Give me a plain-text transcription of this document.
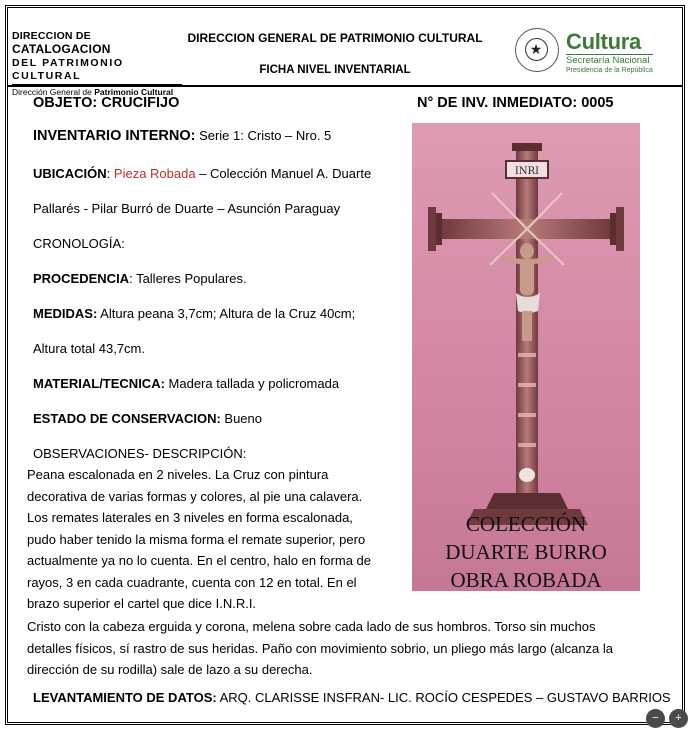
DIRECCION DE CATALOGACION
DEL PATRIMONIO CULTURAL
Dirección General de Patrimonio Cultural
DIRECCION GENERAL DE PATRIMONIO CULTURAL
FICHA NIVEL INVENTARIAL
★	Cultura
Secretaría Nacional
Presidencia de la República
OBJETO: CRUCIFIJO	N° DE INV. INMEDIATO: 0005
INVENTARIO INTERNO: Serie 1: Cristo – Nro. 5
UBICACIÓN: Pieza Robada – Colección Manuel A. Duarte
Pallarés - Pilar Burró de Duarte – Asunción Paraguay
CRONOLOGÍA:
PROCEDENCIA: Talleres Populares.
MEDIDAS: Altura peana 3,7cm; Altura de la Cruz 40cm;
Altura total 43,7cm.
MATERIAL/TECNICA: Madera tallada y policromada
ESTADO DE CONSERVACION: Bueno
OBSERVACIONES- DESCRIPCIÓN:
Peana escalonada en 2 niveles. La Cruz con pintura
decorativa de varias formas y colores, al pie una calavera.
Los remates laterales en 3 niveles en forma escalonada,
pudo haber tenido la misma forma el remate superior, pero
actualmente ya no lo cuenta. En el centro, halo en forma de
rayos, 3 en cada cuadrante, cuenta con 12 en total. En el
brazo superior el cartel que dice I.N.R.I.
Cristo con la cabeza erguida y corona, melena sobre cada lado de sus hombros. Torso sin muchos
detalles físicos, sí rastro de sus heridas. Paño con movimiento sobrio, un pliego más largo (alcanza la
dirección de su rodilla) sale de lazo a su derecha.
LEVANTAMIENTO DE DATOS: ARQ. CLARISSE INSFRAN- LIC. ROCÍO CESPEDES – GUSTAVO BARRIOS
INRI
COLECCIÓN
DUARTE BURRO
OBRA ROBADA
−	+
